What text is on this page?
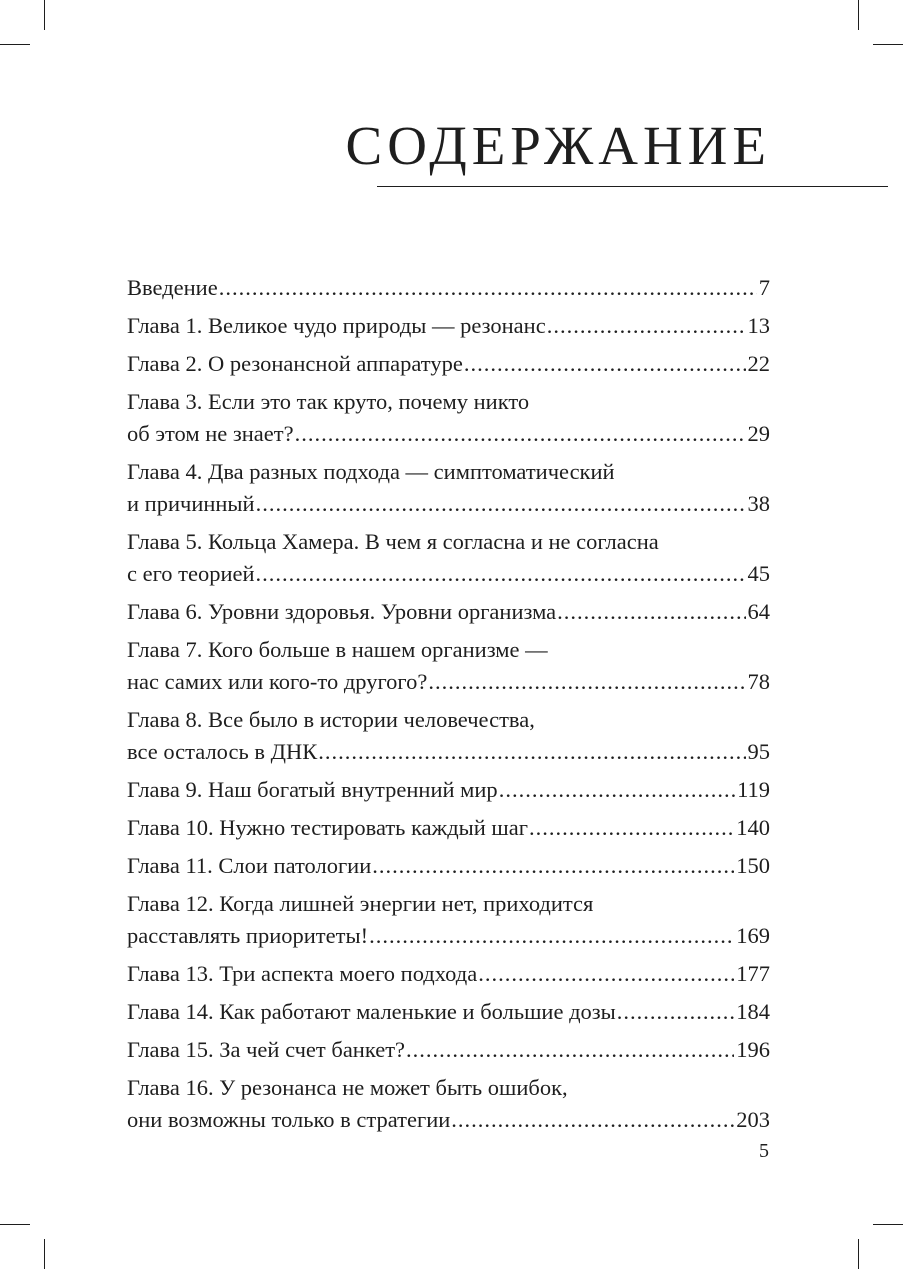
СОДЕРЖАНИЕ
Введение .....	7
Глава 1. Великое чудо природы — резонанс .....	13
Глава 2. О резонансной аппаратуре .....	22
Глава 3. Если это так круто, почему никто
об этом не знает? .....	29
Глава 4. Два разных подхода — симптоматический
и причинный .....	38
Глава 5. Кольца Хамера. В чем я согласна и не согласна
с его теорией .....	45
Глава 6. Уровни здоровья. Уровни организма .....	64
Глава 7. Кого больше в нашем организме —
нас самих или кого-то другого? .....	78
Глава 8. Все было в истории человечества,
все осталось в ДНК .....	95
Глава 9. Наш богатый внутренний мир .....	119
Глава 10. Нужно тестировать каждый шаг .....	140
Глава 11. Слои патологии .....	150
Глава 12. Когда лишней энергии нет, приходится
расставлять приоритеты! .....	169
Глава 13. Три аспекта моего подхода .....	177
Глава 14. Как работают маленькие и большие дозы .....	184
Глава 15. За чей счет банкет? .....	196
Глава 16. У резонанса не может быть ошибок,
они возможны только в стратегии .....	203
5
